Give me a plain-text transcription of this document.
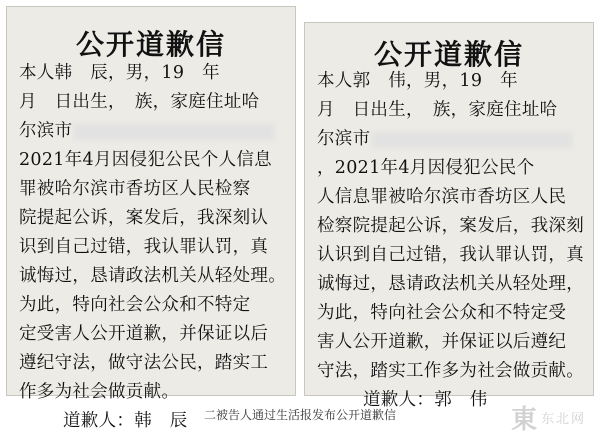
公开道歉信
本人韩　辰，男，19　年
月　日出生，　族，家庭住址哈
尔滨市
2021年4月因侵犯公民个人信息
罪被哈尔滨市香坊区人民检察
院提起公诉，案发后，我深刻认
识到自己过错，我认罪认罚，真
诚悔过，恳请政法机关从轻处理。
为此，特向社会公众和不特定
定受害人公开道歉，并保证以后
遵纪守法，做守法公民，踏实工
作多为社会做贡献。
道歉人：韩　辰
公开道歉信
本人郭　伟，男，19　年
月　日出生，　族，家庭住址哈
尔滨市
，2021年4月因侵犯公民个
人信息罪被哈尔滨市香坊区人民
检察院提起公诉，案发后，我深刻
认识到自己过错，我认罪认罚，真
诚悔过，恳请政法机关从轻处理，
为此，特向社会公众和不特定受
害人公开道歉，并保证以后遵纪
守法，踏实工作多为社会做贡献。
道歉人：郭　伟
二被告人通过生活报发布公开道歉信	東 东北网
